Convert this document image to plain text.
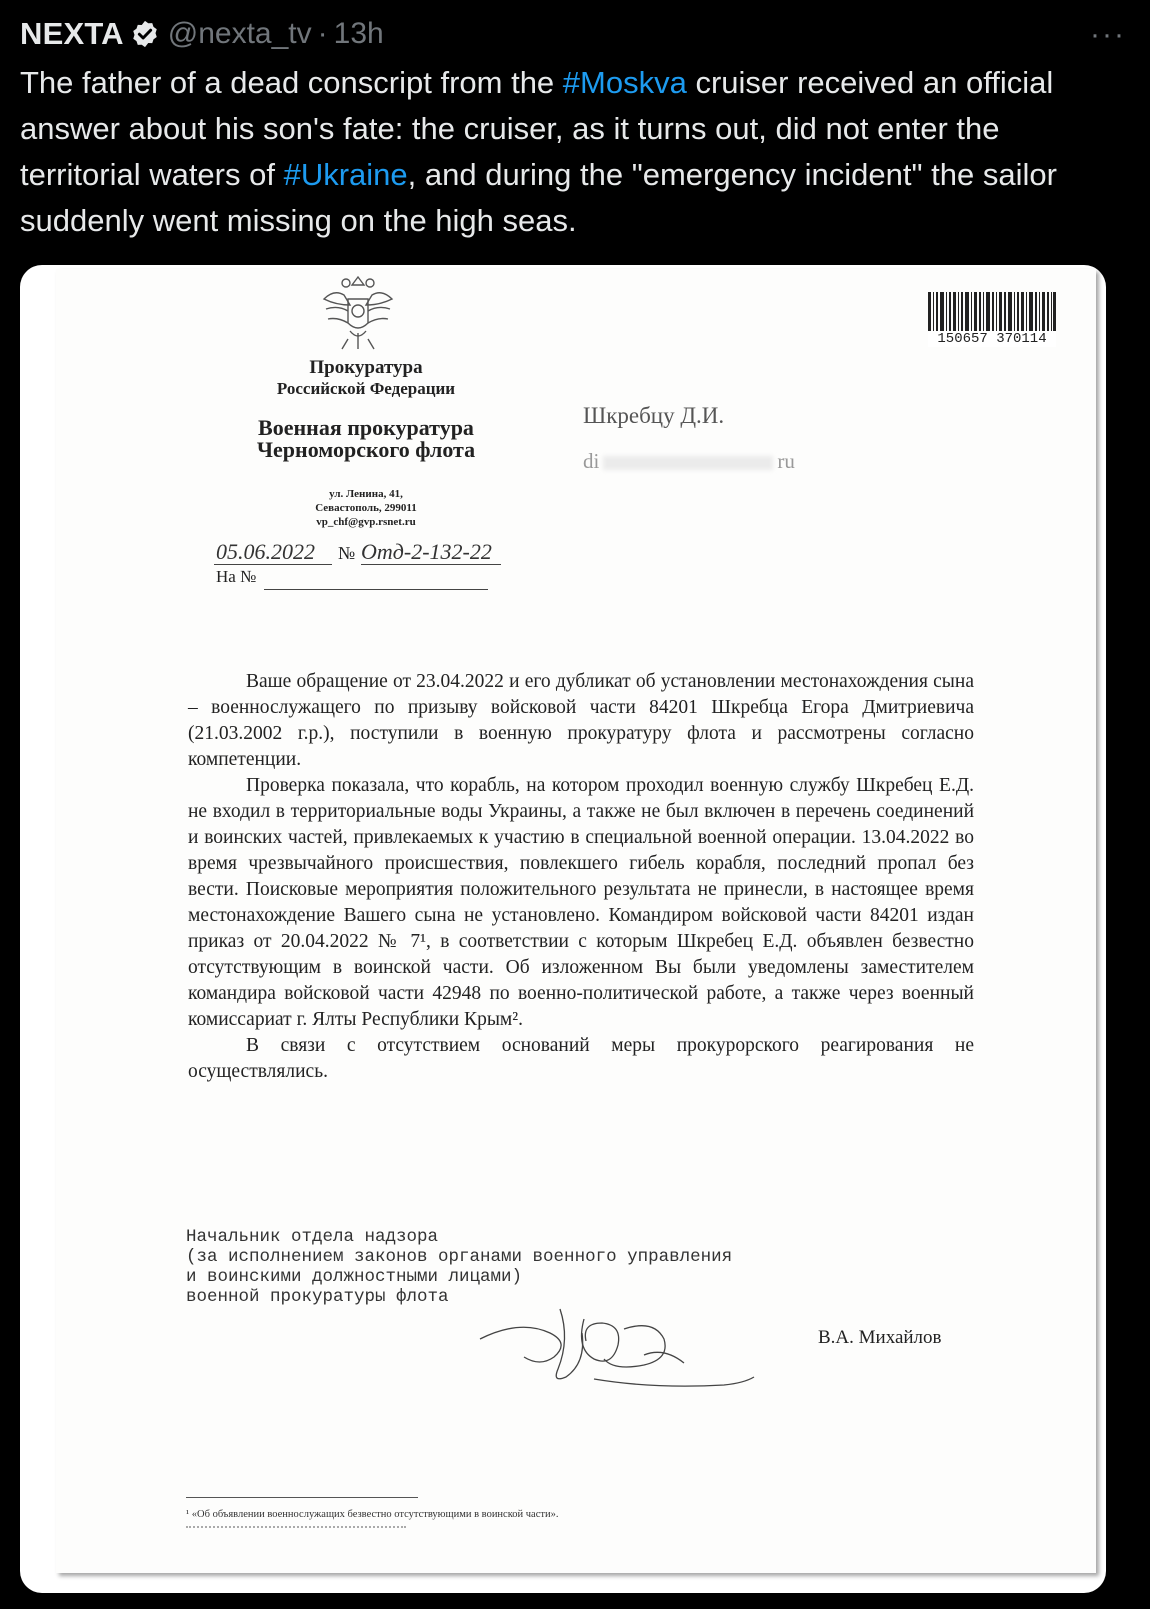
NEXTA @nexta_tv · 13h	···
The father of a dead conscript from the #Moskva cruiser received an official answer about his son's fate: the cruiser, as it turns out, did not enter the territorial waters of #Ukraine, and during the "emergency incident" the sailor suddenly went missing on the high seas.
150657 370114
Прокуратура
Российской Федерации
Военная прокуратура
Черноморского флота
ул. Ленина, 41,
Севастополь, 299011
vp_chf@gvp.rsnet.ru
05.06.2022 № Отд-2-132-22
На №
Шкребцу Д.И.
di	ru

Ваше обращение от 23.04.2022 и его дубликат об установлении местонахождения сына – военнослужащего по призыву войсковой части 84201 Шкребца Егора Дмитриевича (21.03.2002 г.р.), поступили в военную прокуратуру флота и рассмотрены согласно компетенции.

Проверка показала, что корабль, на котором проходил военную службу Шкребец Е.Д. не входил в территориальные воды Украины, а также не был включен в перечень соединений и воинских частей, привлекаемых к участию в специальной военной операции. 13.04.2022 во время чрезвычайного происшествия, повлекшего гибель корабля, последний пропал без вести. Поисковые мероприятия положительного результата не принесли, в настоящее время местонахождение Вашего сына не установлено. Командиром войсковой части 84201 издан приказ от 20.04.2022 № 7¹, в соответствии с которым Шкребец Е.Д. объявлен безвестно отсутствующим в воинской части. Об изложенном Вы были уведомлены заместителем командира войсковой части 42948 по военно-политической работе, а также через военный комиссариат г. Ялты Республики Крым².

В связи с отсутствием оснований меры прокурорского реагирования не осуществлялись.

Начальник отдела надзора
(за исполнением законов органами военного управления
и воинскими должностными лицами)
военной прокуратуры флота
В.А. Михайлов
¹ «Об объявлении военнослужащих безвестно отсутствующими в воинской части».
